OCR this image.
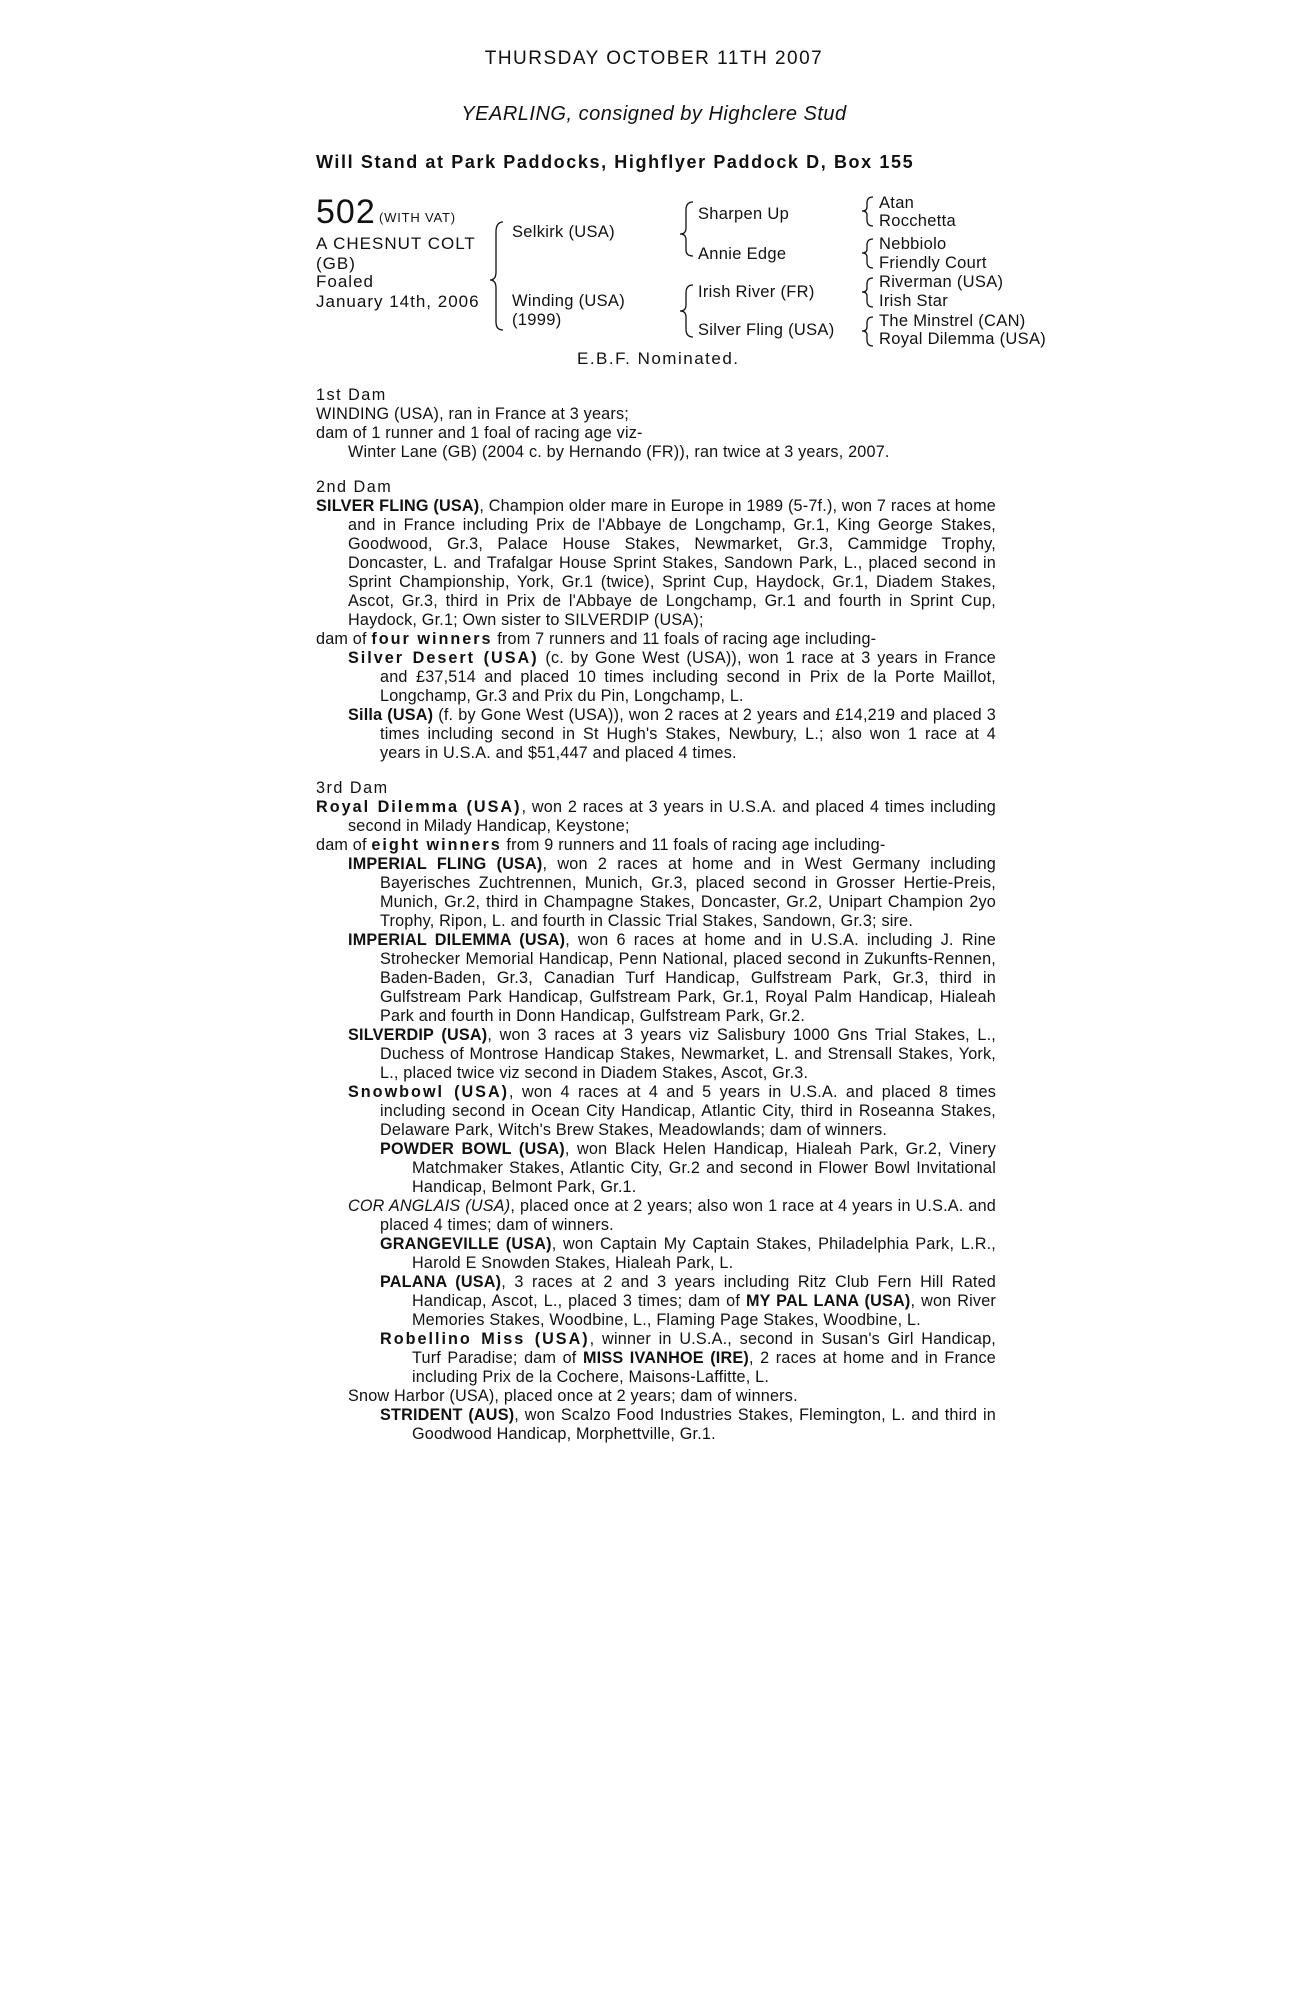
THURSDAY OCTOBER 11TH 2007
YEARLING, consigned by Highclere Stud
Will Stand at Park Paddocks, Highflyer Paddock D, Box 155
502 (WITH VAT)
A CHESNUT COLT
(GB)
Foaled
January 14th, 2006
Selkirk (USA)
Winding (USA)
(1999)
Sharpen Up
Annie Edge
Irish River (FR)
Silver Fling (USA)
Atan
Rocchetta
Nebbiolo
Friendly Court
Riverman (USA)
Irish Star
The Minstrel (CAN)
Royal Dilemma (USA)
E.B.F. Nominated.
1st Dam
WINDING (USA), ran in France at 3 years;
dam of 1 runner and 1 foal of racing age viz-
Winter Lane (GB) (2004 c. by Hernando (FR)), ran twice at 3 years, 2007.
2nd Dam
SILVER FLING (USA), Champion older mare in Europe in 1989 (5-7f.), won 7 races at home and in France including Prix de l'Abbaye de Longchamp, Gr.1, King George Stakes, Goodwood, Gr.3, Palace House Stakes, Newmarket, Gr.3, Cammidge Trophy, Doncaster, L. and Trafalgar House Sprint Stakes, Sandown Park, L., placed second in Sprint Championship, York, Gr.1 (twice), Sprint Cup, Haydock, Gr.1, Diadem Stakes, Ascot, Gr.3, third in Prix de l'Abbaye de Longchamp, Gr.1 and fourth in Sprint Cup, Haydock, Gr.1; Own sister to SILVERDIP (USA);
dam of four winners from 7 runners and 11 foals of racing age including-
Silver Desert (USA) (c. by Gone West (USA)), won 1 race at 3 years in France and £37,514 and placed 10 times including second in Prix de la Porte Maillot, Longchamp, Gr.3 and Prix du Pin, Longchamp, L.
Silla (USA) (f. by Gone West (USA)), won 2 races at 2 years and £14,219 and placed 3 times including second in St Hugh's Stakes, Newbury, L.; also won 1 race at 4 years in U.S.A. and $51,447 and placed 4 times.
3rd Dam
Royal Dilemma (USA), won 2 races at 3 years in U.S.A. and placed 4 times including second in Milady Handicap, Keystone;
dam of eight winners from 9 runners and 11 foals of racing age including-
IMPERIAL FLING (USA), won 2 races at home and in West Germany including Bayerisches Zuchtrennen, Munich, Gr.3, placed second in Grosser Hertie-Preis, Munich, Gr.2, third in Champagne Stakes, Doncaster, Gr.2, Unipart Champion 2yo Trophy, Ripon, L. and fourth in Classic Trial Stakes, Sandown, Gr.3; sire.
IMPERIAL DILEMMA (USA), won 6 races at home and in U.S.A. including J. Rine Strohecker Memorial Handicap, Penn National, placed second in Zukunfts-Rennen, Baden-Baden, Gr.3, Canadian Turf Handicap, Gulfstream Park, Gr.3, third in Gulfstream Park Handicap, Gulfstream Park, Gr.1, Royal Palm Handicap, Hialeah Park and fourth in Donn Handicap, Gulfstream Park, Gr.2.
SILVERDIP (USA), won 3 races at 3 years viz Salisbury 1000 Gns Trial Stakes, L., Duchess of Montrose Handicap Stakes, Newmarket, L. and Strensall Stakes, York, L., placed twice viz second in Diadem Stakes, Ascot, Gr.3.
Snowbowl (USA), won 4 races at 4 and 5 years in U.S.A. and placed 8 times including second in Ocean City Handicap, Atlantic City, third in Roseanna Stakes, Delaware Park, Witch's Brew Stakes, Meadowlands; dam of winners.
POWDER BOWL (USA), won Black Helen Handicap, Hialeah Park, Gr.2, Vinery Matchmaker Stakes, Atlantic City, Gr.2 and second in Flower Bowl Invitational Handicap, Belmont Park, Gr.1.
COR ANGLAIS (USA), placed once at 2 years; also won 1 race at 4 years in U.S.A. and placed 4 times; dam of winners.
GRANGEVILLE (USA), won Captain My Captain Stakes, Philadelphia Park, L.R., Harold E Snowden Stakes, Hialeah Park, L.
PALANA (USA), 3 races at 2 and 3 years including Ritz Club Fern Hill Rated Handicap, Ascot, L., placed 3 times; dam of MY PAL LANA (USA), won River Memories Stakes, Woodbine, L., Flaming Page Stakes, Woodbine, L.
Robellino Miss (USA), winner in U.S.A., second in Susan's Girl Handicap, Turf Paradise; dam of MISS IVANHOE (IRE), 2 races at home and in France including Prix de la Cochere, Maisons-Laffitte, L.
Snow Harbor (USA), placed once at 2 years; dam of winners.
STRIDENT (AUS), won Scalzo Food Industries Stakes, Flemington, L. and third in Goodwood Handicap, Morphettville, Gr.1.
